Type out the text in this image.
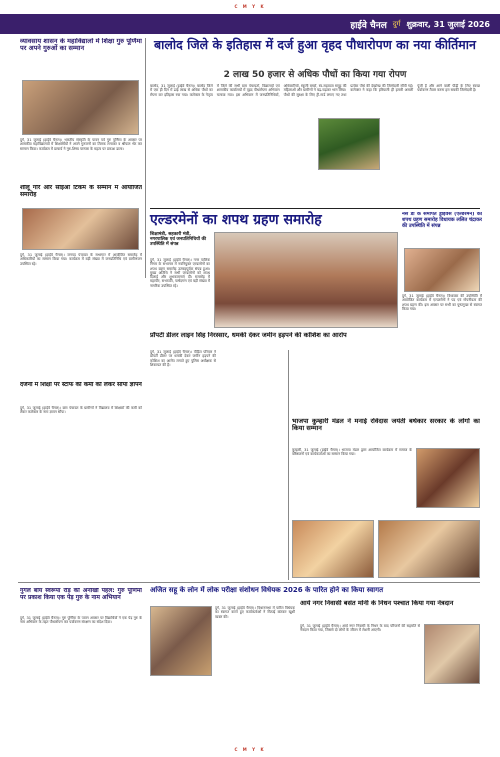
C M Y K
हाईवे चैनल दुर्ग शुक्रवार, 31 जुलाई 2026
व्यावसाय शासन के महाविद्यालों में शिक्षा गुरु पूर्णिमा पर अपने गुरुओं का सम्मान
दुर्ग, 31 जुलाई (हाईवे चैनल)। भारतीय संस्कृति के पावन पर्व गुरु पूर्णिमा के अवसर पर शासकीय महाविद्यालयों में शिक्षार्थियों ने अपने गुरुजनों का तिलक लगाकर व श्रीफल भेंट कर सम्मान किया। कार्यक्रम में प्राचार्य ने गुरु-शिष्य परम्परा के महत्व पर प्रकाश डाला।
शीलू गोरे और सीईओ टिकम के सम्मान में आयोजित समारोह
दुर्ग, 31 जुलाई (हाईवे चैनल)। जनपद पंचायत के सभागार में आयोजित समारोह में अधिकारियों का सम्मान किया गया। कार्यक्रम में बड़ी संख्या में जनप्रतिनिधि एवं ग्रामीणजन उपस्थित रहे।
दर्जनों में शिक्षा पर स्टाफ की कमी को लेकर सौंपा ज्ञापन
दुर्ग, 31 जुलाई (हाईवे चैनल)। ग्राम पंचायत के ग्रामीणों ने विद्यालय में शिक्षकों की कमी को लेकर कलेक्टर के नाम ज्ञापन सौंपा।
गुगल बॉय स्वरूपा रोड़ की अनोखी पहल: गुरु पूर्णिमा पर प्रकाश किया एक पेड़ गुरु के नाम अभियान
दुर्ग, 31 जुलाई (हाईवे चैनल)। गुरु पूर्णिमा के पावन अवसर पर विद्यार्थियों ने एक पेड़ गुरु के नाम अभियान के तहत पौधारोपण कर पर्यावरण संरक्षण का संदेश दिया।
बालोद जिले के इतिहास में दर्ज हुआ वृहद पौधारोपण का नया कीर्तिमान
2 लाख 50 हजार से अधिक पौधों का किया गया रोपण
बालोद, 31 जुलाई (हाईवे चैनल)। बालोद जिले में एक ही दिन में ढाई लाख से अधिक पौधों का रोपण कर इतिहास रचा गया। कलेक्टर के नेतृत्व में जिले की सभी ग्राम पंचायतों, विद्यालयों एवं शासकीय कार्यालयों में वृहद पौधारोपण अभियान चलाया गया। इस अभियान में जनप्रतिनिधियों, अधिकारियों, स्कूली बच्चों, स्व-सहायता समूह की महिलाओं और ग्रामीणों ने बढ़-चढ़कर भाग लिया। पौधों की सुरक्षा के लिए ट्री-गार्ड लगाए गए तथा प्रत्येक पौधे की देखरेख की जिम्मेदारी सौंपी गई। कलेक्टर ने कहा कि हरियाली ही हमारी असली पूंजी है और आने वाली पीढ़ी के लिए स्वच्छ पर्यावरण तैयार करना हम सबकी जिम्मेदारी है।
एल्डरमेनों का शपथ ग्रहण समारोह
शिक्षामंत्री, सहकारी मंत्री, नगरपालिक एवं जनप्रतिनिधियों की उपस्थिति में संपन्न
दुर्ग, 31 जुलाई (हाईवे चैनल)। नगर पालिक निगम के सभागार में नवनियुक्त एल्डरमेनों का शपथ ग्रहण समारोह उत्साहपूर्वक संपन्न हुआ। मुख्य अतिथि ने सभी एल्डरमेनों को शपथ दिलाई और शुभकामनाएं दीं। समारोह में महापौर, सभापति, पार्षदगण एवं बड़ी संख्या में नागरिक उपस्थित रहे।
नर्स डॉ के समर्पित ड्राइवर्स (एल्डरमेन) का शपथ ग्रहण समारोह विधायक ललित चंद्राकर की उपस्थिति में संपन्न
दुर्ग, 31 जुलाई (हाईवे चैनल)। विधायक की उपस्थिति में आयोजित कार्यक्रम में एल्डरमेनों ने पद एवं गोपनीयता की शपथ ग्रहण की। इस अवसर पर सभी का पुष्पगुच्छ से स्वागत किया गया।
प्रॉपर्टी डीलर लाइन सिंह निरस्सार, धमकी देकर जमीन हड़पने की कोशिश का आरोप
दुर्ग, 31 जुलाई (हाईवे चैनल)। पीड़ित परिवार ने प्रॉपर्टी डीलर पर धमकी देकर जमीन हड़पने की कोशिश का आरोप लगाते हुए पुलिस अधीक्षक से शिकायत की है।
भाजपा कुम्हारी मंडल ने मनाई रविदास जयंती बर्थकार सरकार के लोगों का किया सम्मान
कुम्हारी, 31 जुलाई (हाईवे चैनल)। भाजपा मंडल द्वारा आयोजित कार्यक्रम में समाज के वरिष्ठजनों एवं कार्यकर्ताओं का सम्मान किया गया।
अजित सहू के लोन में लोक परीक्षा संशोधन विधेयक 2026 के पारित होने का किया स्वागत
दुर्ग, 31 जुलाई (हाईवे चैनल)। विधानसभा में पारित विधेयक का स्वागत करते हुए कार्यकर्ताओं ने मिठाई बांटकर खुशी व्यक्त की।
आर्य नगर निवासी बसंत मोनी के निधन पश्चात किया गया नेत्रदान
दुर्ग, 31 जुलाई (हाईवे चैनल)। आर्य नगर निवासी के निधन के बाद परिजनों की सहमति से नेत्रदान किया गया, जिससे दो लोगों के जीवन में रोशनी आएगी।
C M Y K
